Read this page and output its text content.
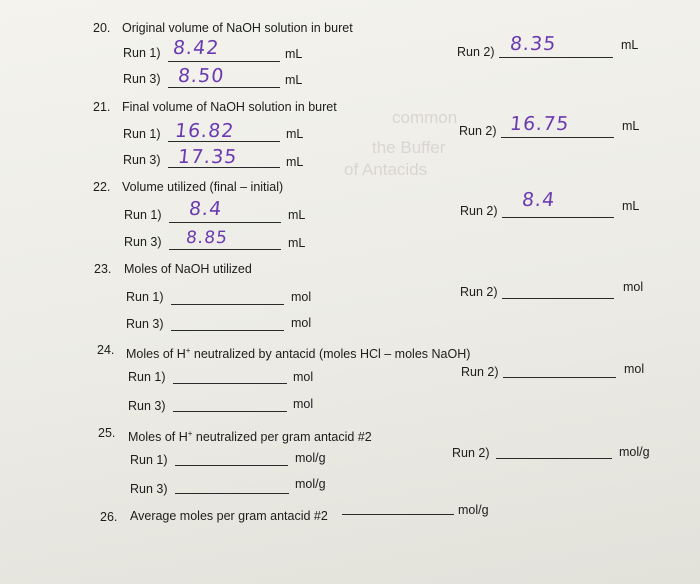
common
the Buffer
of Antacids
20. Original volume of NaOH solution in buret
Run 1) 8.42	mL	Run 2) 8.35	mL
Run 3) 8.50	mL
21. Final volume of NaOH solution in buret
Run 1) 16.82	mL	Run 2) 16.75	mL
Run 3) 17.35	mL
22. Volume utilized (final – initial)
Run 1) 8.4	mL	Run 2) 8.4	mL
Run 3) 8.85	mL
23. Moles of NaOH utilized
Run 1)	mol	Run 2)	mol
Run 3)	mol
24. Moles of H+ neutralized by antacid (moles HCl – moles NaOH)
Run 1)	mol	Run 2)	mol
Run 3)	mol
25. Moles of H+ neutralized per gram antacid #2
Run 1)	mol/g	Run 2)	mol/g
Run 3)	mol/g
26. Average moles per gram antacid #2	mol/g
